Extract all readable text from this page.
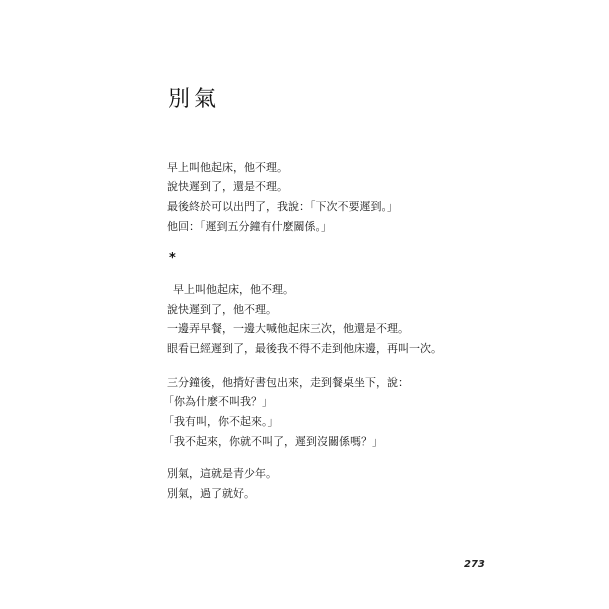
別氣
早上叫他起床，他不理。
說快遲到了，還是不理。
最後終於可以出門了，我說：「下次不要遲到。」
他回：「遲到五分鐘有什麼關係。」
*
早上叫他起床，他不理。
說快遲到了，他不理。
一邊弄早餐，一邊大喊他起床三次，他還是不理。
眼看已經遲到了，最後我不得不走到他床邊，再叫一次。
三分鐘後，他揹好書包出來，走到餐桌坐下，說：
「你為什麼不叫我？」
「我有叫，你不起來。」
「我不起來，你就不叫了，遲到沒關係嗎？」
別氣，這就是青少年。
別氣，過了就好。
273
